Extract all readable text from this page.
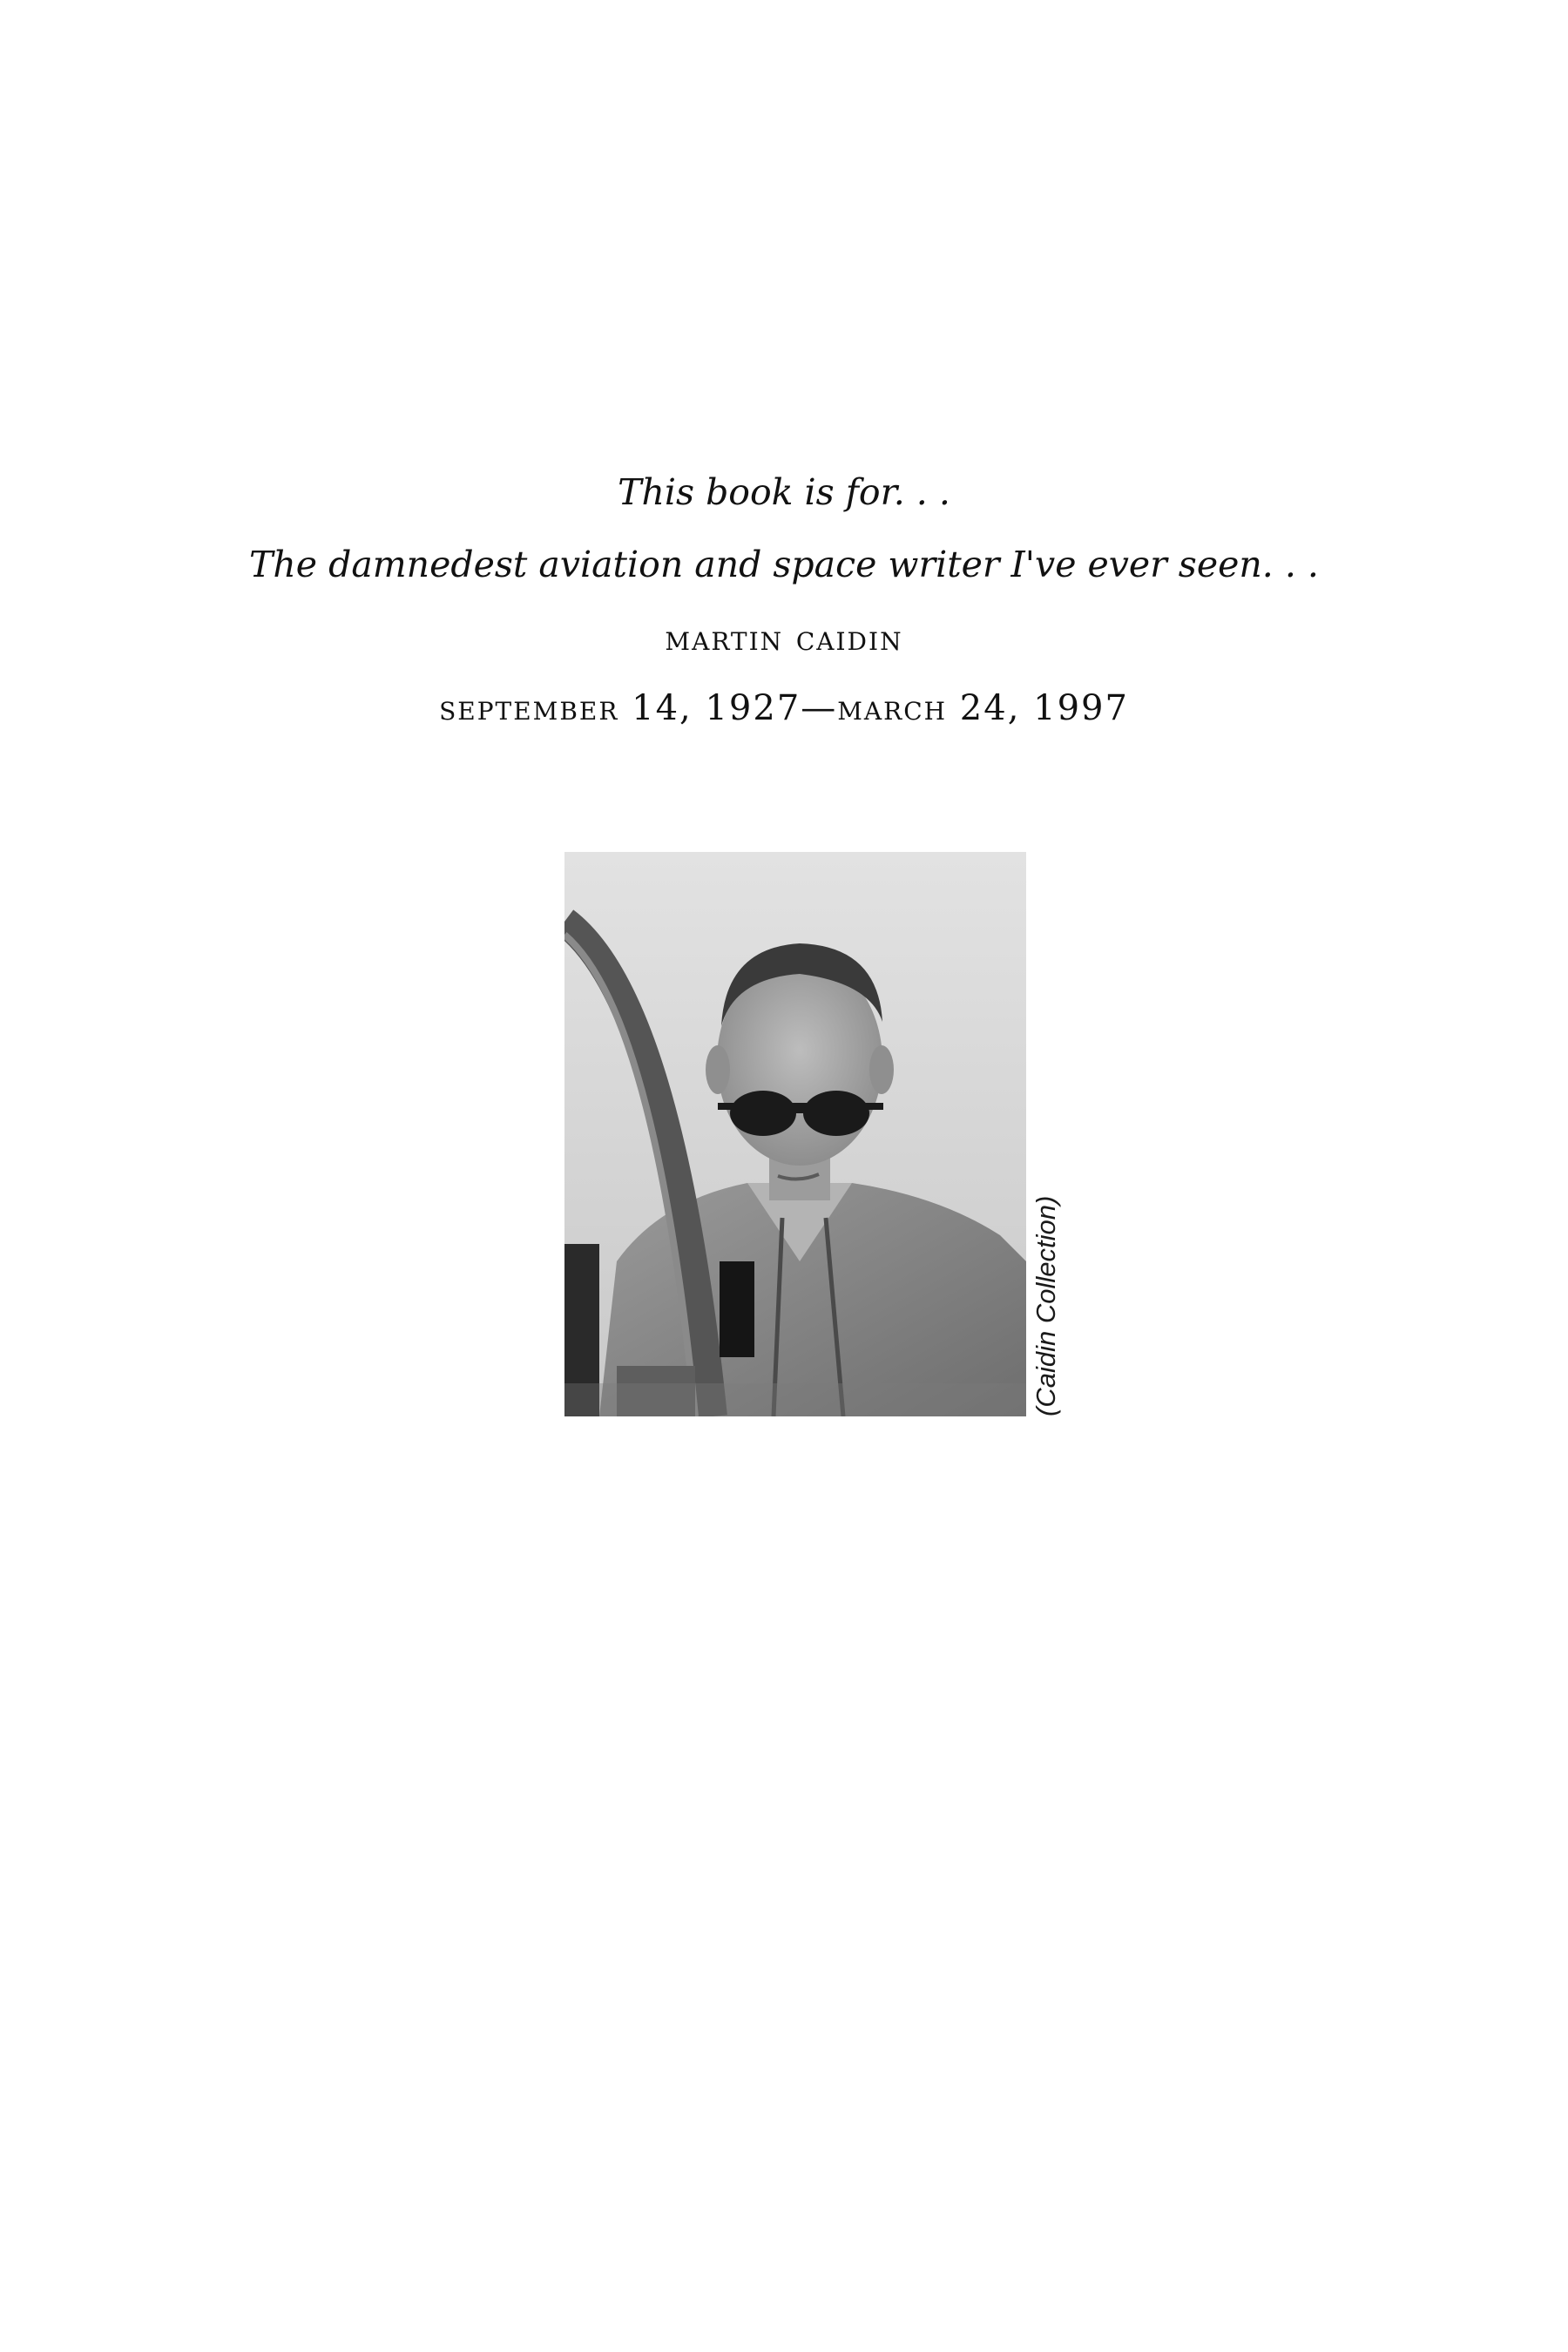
This book is for. . .

The damnedest aviation and space writer I've ever seen. . .

martin caidin

september 14, 1927—march 24, 1997

(Caidin Collection)
